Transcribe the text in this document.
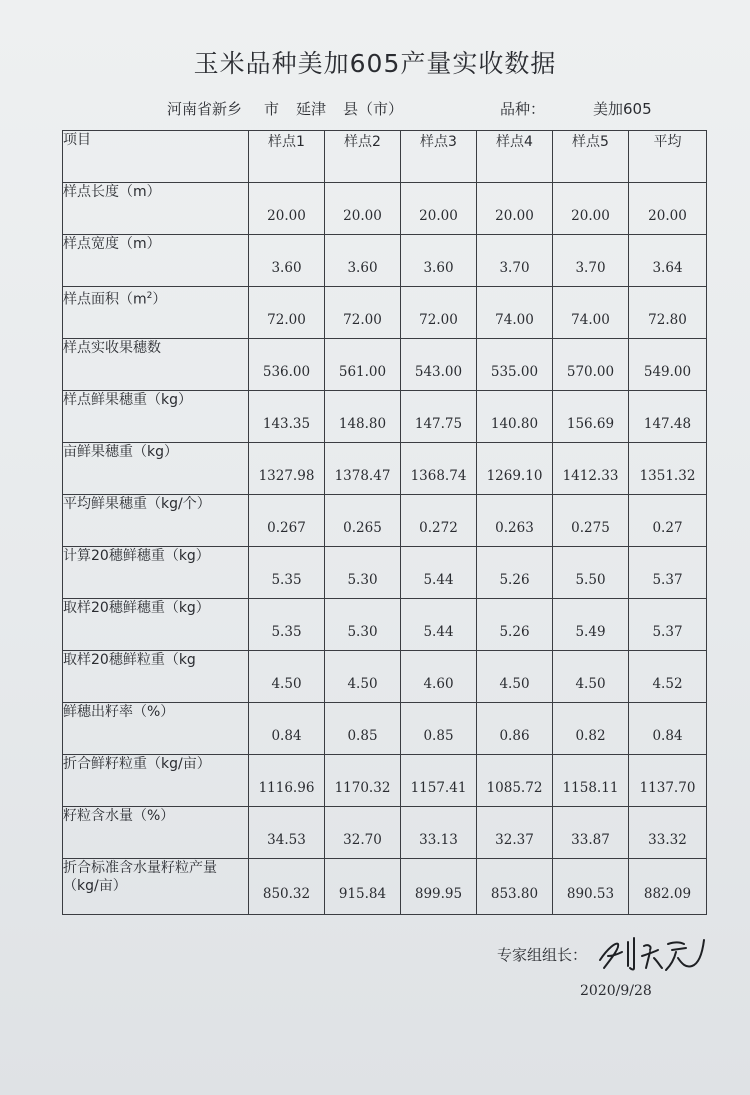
玉米品种美加605产量实收数据
河南省新乡 市 延津 县（市）	品种：	美加605
项目	样点1	样点2	样点3	样点4	样点5	平均
样点长度（m）	20.00	20.00	20.00	20.00	20.00	20.00
样点宽度（m）	3.60	3.60	3.60	3.70	3.70	3.64
样点面积$(m^2)$	72.00	72.00	72.00	74.00	74.00	72.80
样点实收果穗数	536.00	561.00	543.00	535.00	570.00	549.00
样点鲜果穗重（kg）	143.35	148.80	147.75	140.80	156.69	147.48
亩鲜果穗重（kg）	1327.98	1378.47	1368.74	1269.10	1412.33	1351.32
平均鲜果穗重（kg/个）	0.267	0.265	0.272	0.263	0.275	0.27
计算20穗鲜穗重（kg）	5.35	5.30	5.44	5.26	5.50	5.37
取样20穗鲜穗重（kg）	5.35	5.30	5.44	5.26	5.49	5.37
取样20穗鲜粒重（kg	4.50	4.50	4.60	4.50	4.50	4.52
鲜穗出籽率（%）	0.84	0.85	0.85	0.86	0.82	0.84
折合鲜籽粒重（kg/亩）	1116.96	1170.32	1157.41	1085.72	1158.11	1137.70
籽粒含水量（%）	34.53	32.70	33.13	32.37	33.87	33.32
折合标准含水量籽粒产量（kg/亩）	850.32	915.84	899.95	853.80	890.53	882.09
专家组组长：
2020/9/28
